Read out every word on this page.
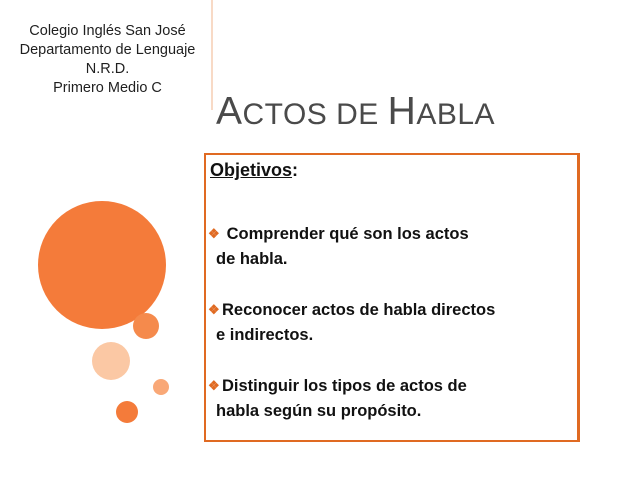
Colegio Inglés San José
Departamento de Lenguaje
N.R.D.
Primero Medio C
ACTOS DE HABLA
Objetivos:
❖ Comprender qué son los actos
de habla.
❖ Reconocer actos de habla directos
e indirectos.
❖ Distinguir los tipos de actos de
habla según su propósito.
